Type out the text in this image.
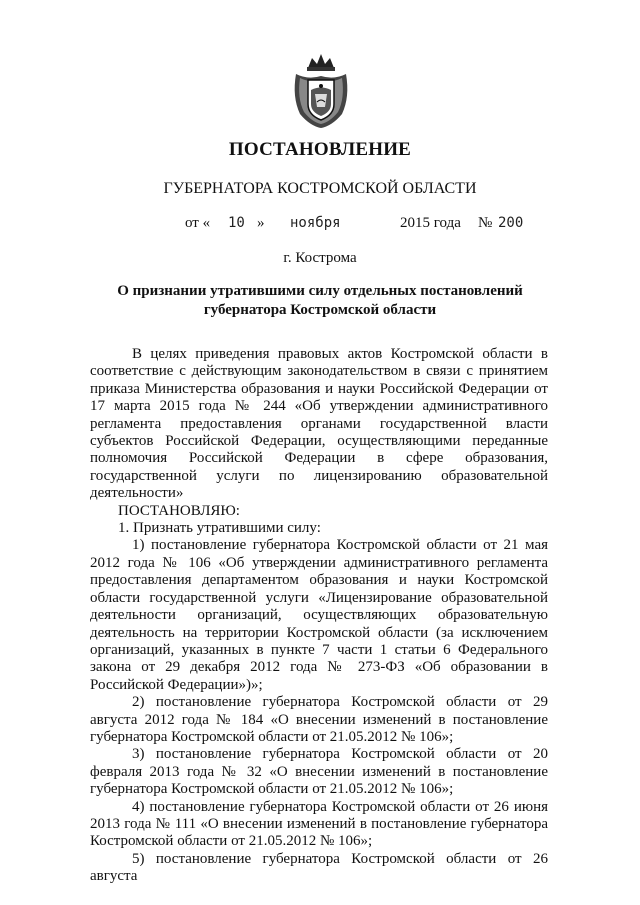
ПОСТАНОВЛЕНИЕ
ГУБЕРНАТОРА КОСТРОМСКОЙ ОБЛАСТИ
от « 10 » ноября	2015 года № 200
г. Кострома
О признании утратившими силу отдельных постановлений
губернатора Костромской области

В целях приведения правовых актов Костромской области в соответствие с действующим законодательством в связи с принятием приказа Министерства образования и науки Российской Федерации от 17 марта 2015 года № 244 «Об утверждении административного регламента предоставления органами государственной власти субъектов Российской Федерации, осуществляющими переданные полномочия Российской Федерации в сфере образования, государственной услуги по лицензированию образовательной деятельности»

ПОСТАНОВЛЯЮ:

1. Признать утратившими силу:

1) постановление губернатора Костромской области от 21 мая 2012 года № 106 «Об утверждении административного регламента предоставления департаментом образования и науки Костромской области государственной услуги «Лицензирование образовательной деятельности организаций, осуществляющих образовательную деятельность на территории Костромской области (за исключением организаций, указанных в пункте 7 части 1 статьи 6 Федерального закона от 29 декабря 2012 года № 273-ФЗ «Об образовании в Российской Федерации»)»;

2) постановление губернатора Костромской области от 29 августа 2012 года № 184 «О внесении изменений в постановление губернатора Костромской области от 21.05.2012 № 106»;

3) постановление губернатора Костромской области от 20 февраля 2013 года № 32 «О внесении изменений в постановление губернатора Костромской области от 21.05.2012 № 106»;

4) постановление губернатора Костромской области от 26 июня 2013 года № 111 «О внесении изменений в постановление губернатора Костромской области от 21.05.2012 № 106»;

5) постановление губернатора Костромской области от 26 августа
